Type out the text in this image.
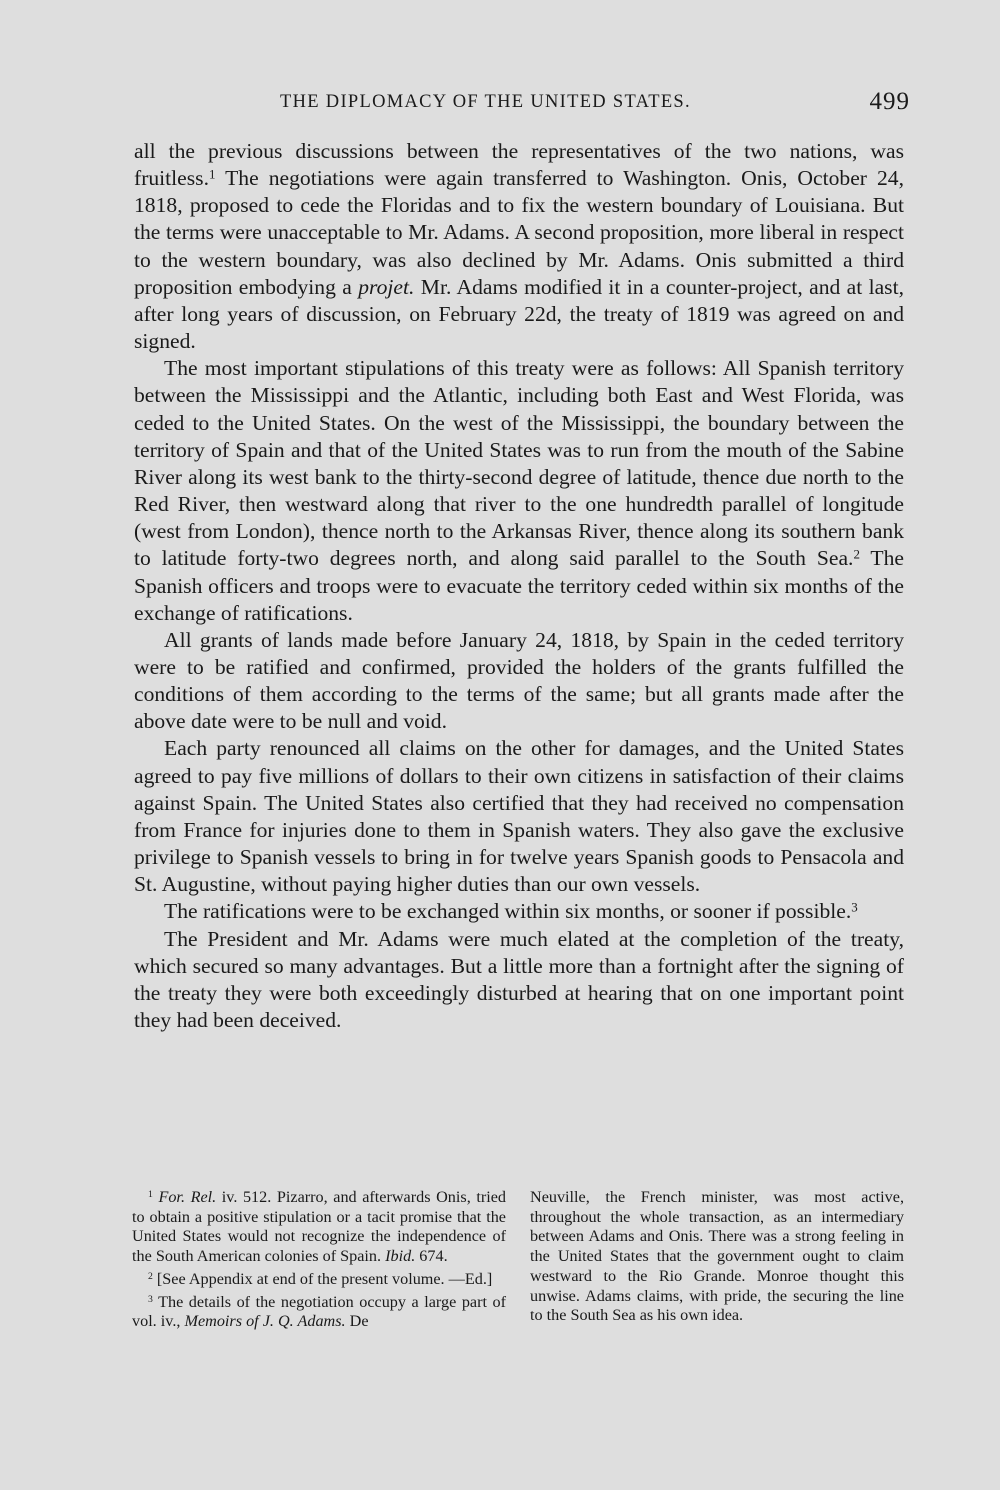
THE DIPLOMACY OF THE UNITED STATES.	499

all the previous discussions between the representatives of the two nations, was fruitless.$^1$ The negotiations were again transferred to Washington. Onis, October 24, 1818, proposed to cede the Floridas and to fix the western boundary of Louisiana. But the terms were unacceptable to Mr. Adams. A second proposition, more liberal in respect to the western boundary, was also declined by Mr. Adams. Onis submitted a third proposition embodying a projet. Mr. Adams modified it in a counter-project, and at last, after long years of discussion, on February 22d, the treaty of 1819 was agreed on and signed.

The most important stipulations of this treaty were as follows: All Spanish territory between the Mississippi and the Atlantic, including both East and West Florida, was ceded to the United States. On the west of the Mississippi, the boundary between the territory of Spain and that of the United States was to run from the mouth of the Sabine River along its west bank to the thirty-second degree of latitude, thence due north to the Red River, then westward along that river to the one hundredth parallel of longitude (west from London), thence north to the Arkansas River, thence along its southern bank to latitude forty-two degrees north, and along said parallel to the South Sea.$^2$ The Spanish officers and troops were to evacuate the territory ceded within six months of the exchange of ratifications.

All grants of lands made before January 24, 1818, by Spain in the ceded territory were to be ratified and confirmed, provided the holders of the grants fulfilled the conditions of them according to the terms of the same; but all grants made after the above date were to be null and void.

Each party renounced all claims on the other for damages, and the United States agreed to pay five millions of dollars to their own citizens in satisfaction of their claims against Spain. The United States also certified that they had received no compensation from France for injuries done to them in Spanish waters. They also gave the exclusive privilege to Spanish vessels to bring in for twelve years Spanish goods to Pensacola and St. Augustine, without paying higher duties than our own vessels.

The ratifications were to be exchanged within six months, or sooner if possible.$^3$

The President and Mr. Adams were much elated at the completion of the treaty, which secured so many advantages. But a little more than a fortnight after the signing of the treaty they were both exceedingly disturbed at hearing that on one important point they had been deceived.

$^1$ For. Rel. iv. 512. Pizarro, and afterwards Onis, tried to obtain a positive stipulation or a tacit promise that the United States would not recognize the independence of the South American colonies of Spain. Ibid. 674.

$^2$ [See Appendix at end of the present volume. —Ed.]

$^3$ The details of the negotiation occupy a large part of vol. iv., Memoirs of J. Q. Adams. De

Neuville, the French minister, was most active, throughout the whole transaction, as an intermediary between Adams and Onis. There was a strong feeling in the United States that the government ought to claim westward to the Rio Grande. Monroe thought this unwise. Adams claims, with pride, the securing the line to the South Sea as his own idea.
